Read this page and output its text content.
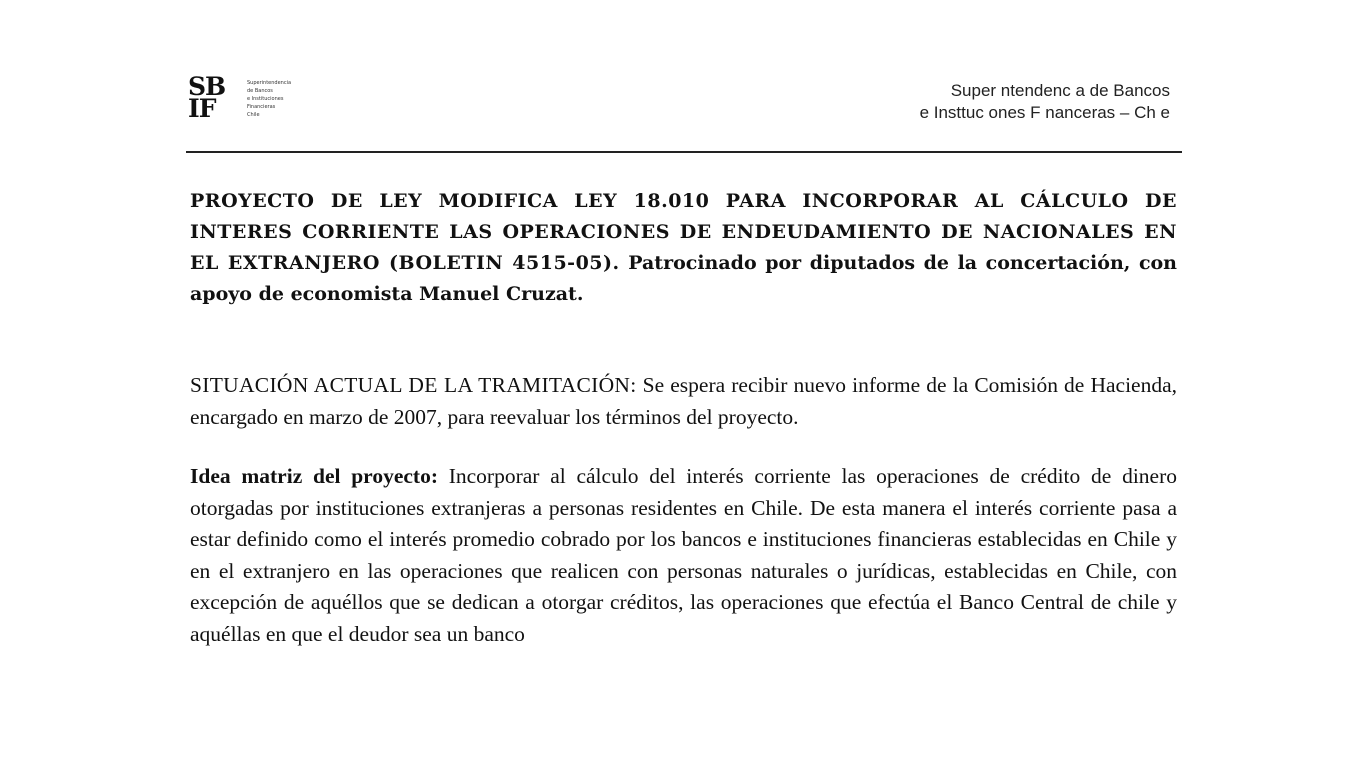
SB
IF
Superintendencia
de Bancos
e Instituciones
Financieras
Chile
Super ntendenc a de Bancos
e Insttuc ones F nanceras – Ch e

PROYECTO DE LEY MODIFICA LEY 18.010 PARA INCORPORAR AL CÁLCULO DE INTERES CORRIENTE LAS OPERACIONES DE ENDEUDAMIENTO DE NACIONALES EN EL EXTRANJERO (BOLETIN 4515-05). Patrocinado por diputados de la concertación, con apoyo de economista Manuel Cruzat.

SITUACIÓN ACTUAL DE LA TRAMITACIÓN: Se espera recibir nuevo informe de la Comisión de Hacienda, encargado en marzo de 2007, para reevaluar los términos del proyecto.

Idea matriz del proyecto: Incorporar al cálculo del interés corriente las operaciones de crédito de dinero otorgadas por instituciones extranjeras a personas residentes en Chile. De esta manera el interés corriente pasa a estar definido como el interés promedio cobrado por los bancos e instituciones financieras establecidas en Chile y en el extranjero en las operaciones que realicen con personas naturales o jurídicas, establecidas en Chile, con excepción de aquéllos que se dedican a otorgar créditos, las operaciones que efectúa el Banco Central de chile y aquéllas en que el deudor sea un banco
